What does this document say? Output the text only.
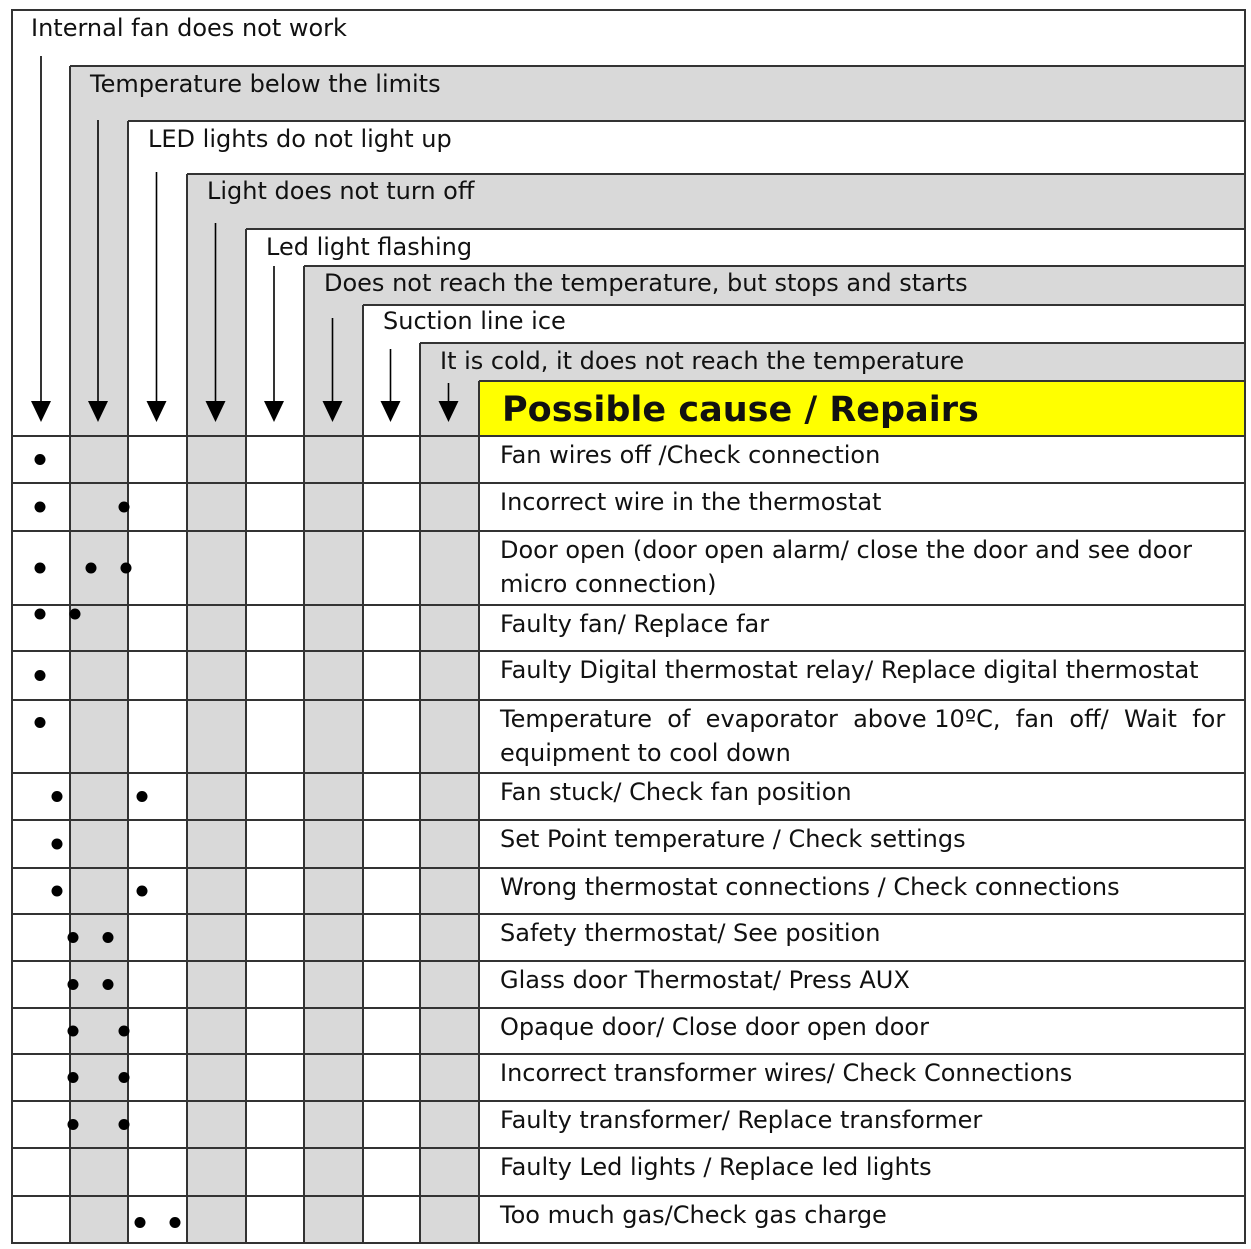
Internal fan does not work
Temperature below the limits
LED lights do not light up
Light does not turn off
Led light flashing
Does not reach the temperature, but stops and starts
Suction line ice
It is cold, it does not reach the temperature
Possible cause / Repairs
Fan wires off /Check connection
Incorrect wire in the thermostat
Door open (door open alarm/ close the door and see door
micro connection)
Faulty fan/ Replace far
Faulty Digital thermostat relay/ Replace digital thermostat
Temperature  of  evaporator  above 10ºC,  fan  off/  Wait  for
equipment to cool down
Fan stuck/ Check fan position
Set Point temperature / Check settings
Wrong thermostat connections / Check connections
Safety thermostat/ See position
Glass door Thermostat/ Press AUX
Opaque door/ Close door open door
Incorrect transformer wires/ Check Connections
Faulty transformer/ Replace transformer
Faulty Led lights / Replace led lights
Too much gas/Check gas charge
